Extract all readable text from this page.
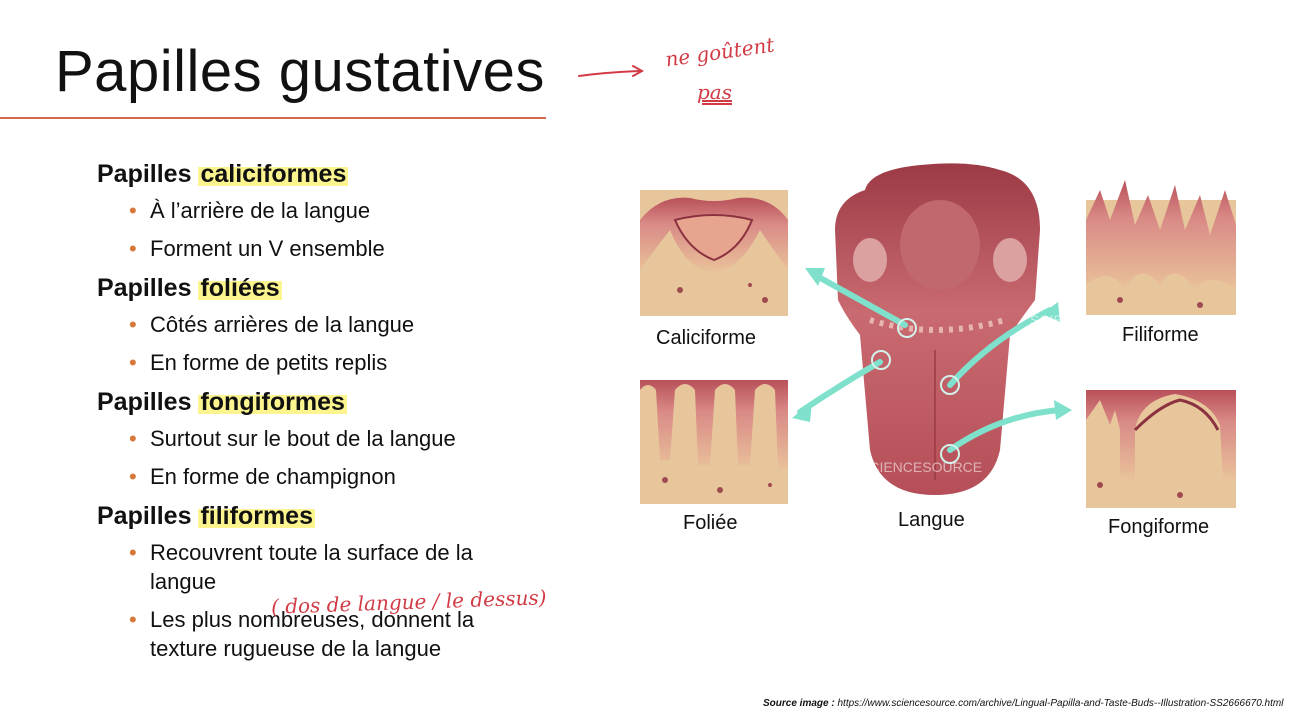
Papilles gustatives	ne goûtent
pas

Papilles caliciformes

• À l’arrière de la langue
• Forment un V ensemble

Papilles foliées

• Côtés arrières de la langue
• En forme de petits replis

Papilles fongiformes

• Surtout sur le bout de la langue
• En forme de champignon

Papilles filiformes

• Recouvrent toute la surface de la langue
• Les plus nombreuses, donnent la texture rugueuse de la langue
( dos de langue / le dessus)
SCIENCESOURCE
SCIENCESOURCE
Caliciforme
Foliée	Langue
Filiforme
Fongiforme
Source image : https://www.sciencesource.com/archive/Lingual-Papilla-and-Taste-Buds--Illustration-SS2666670.html
